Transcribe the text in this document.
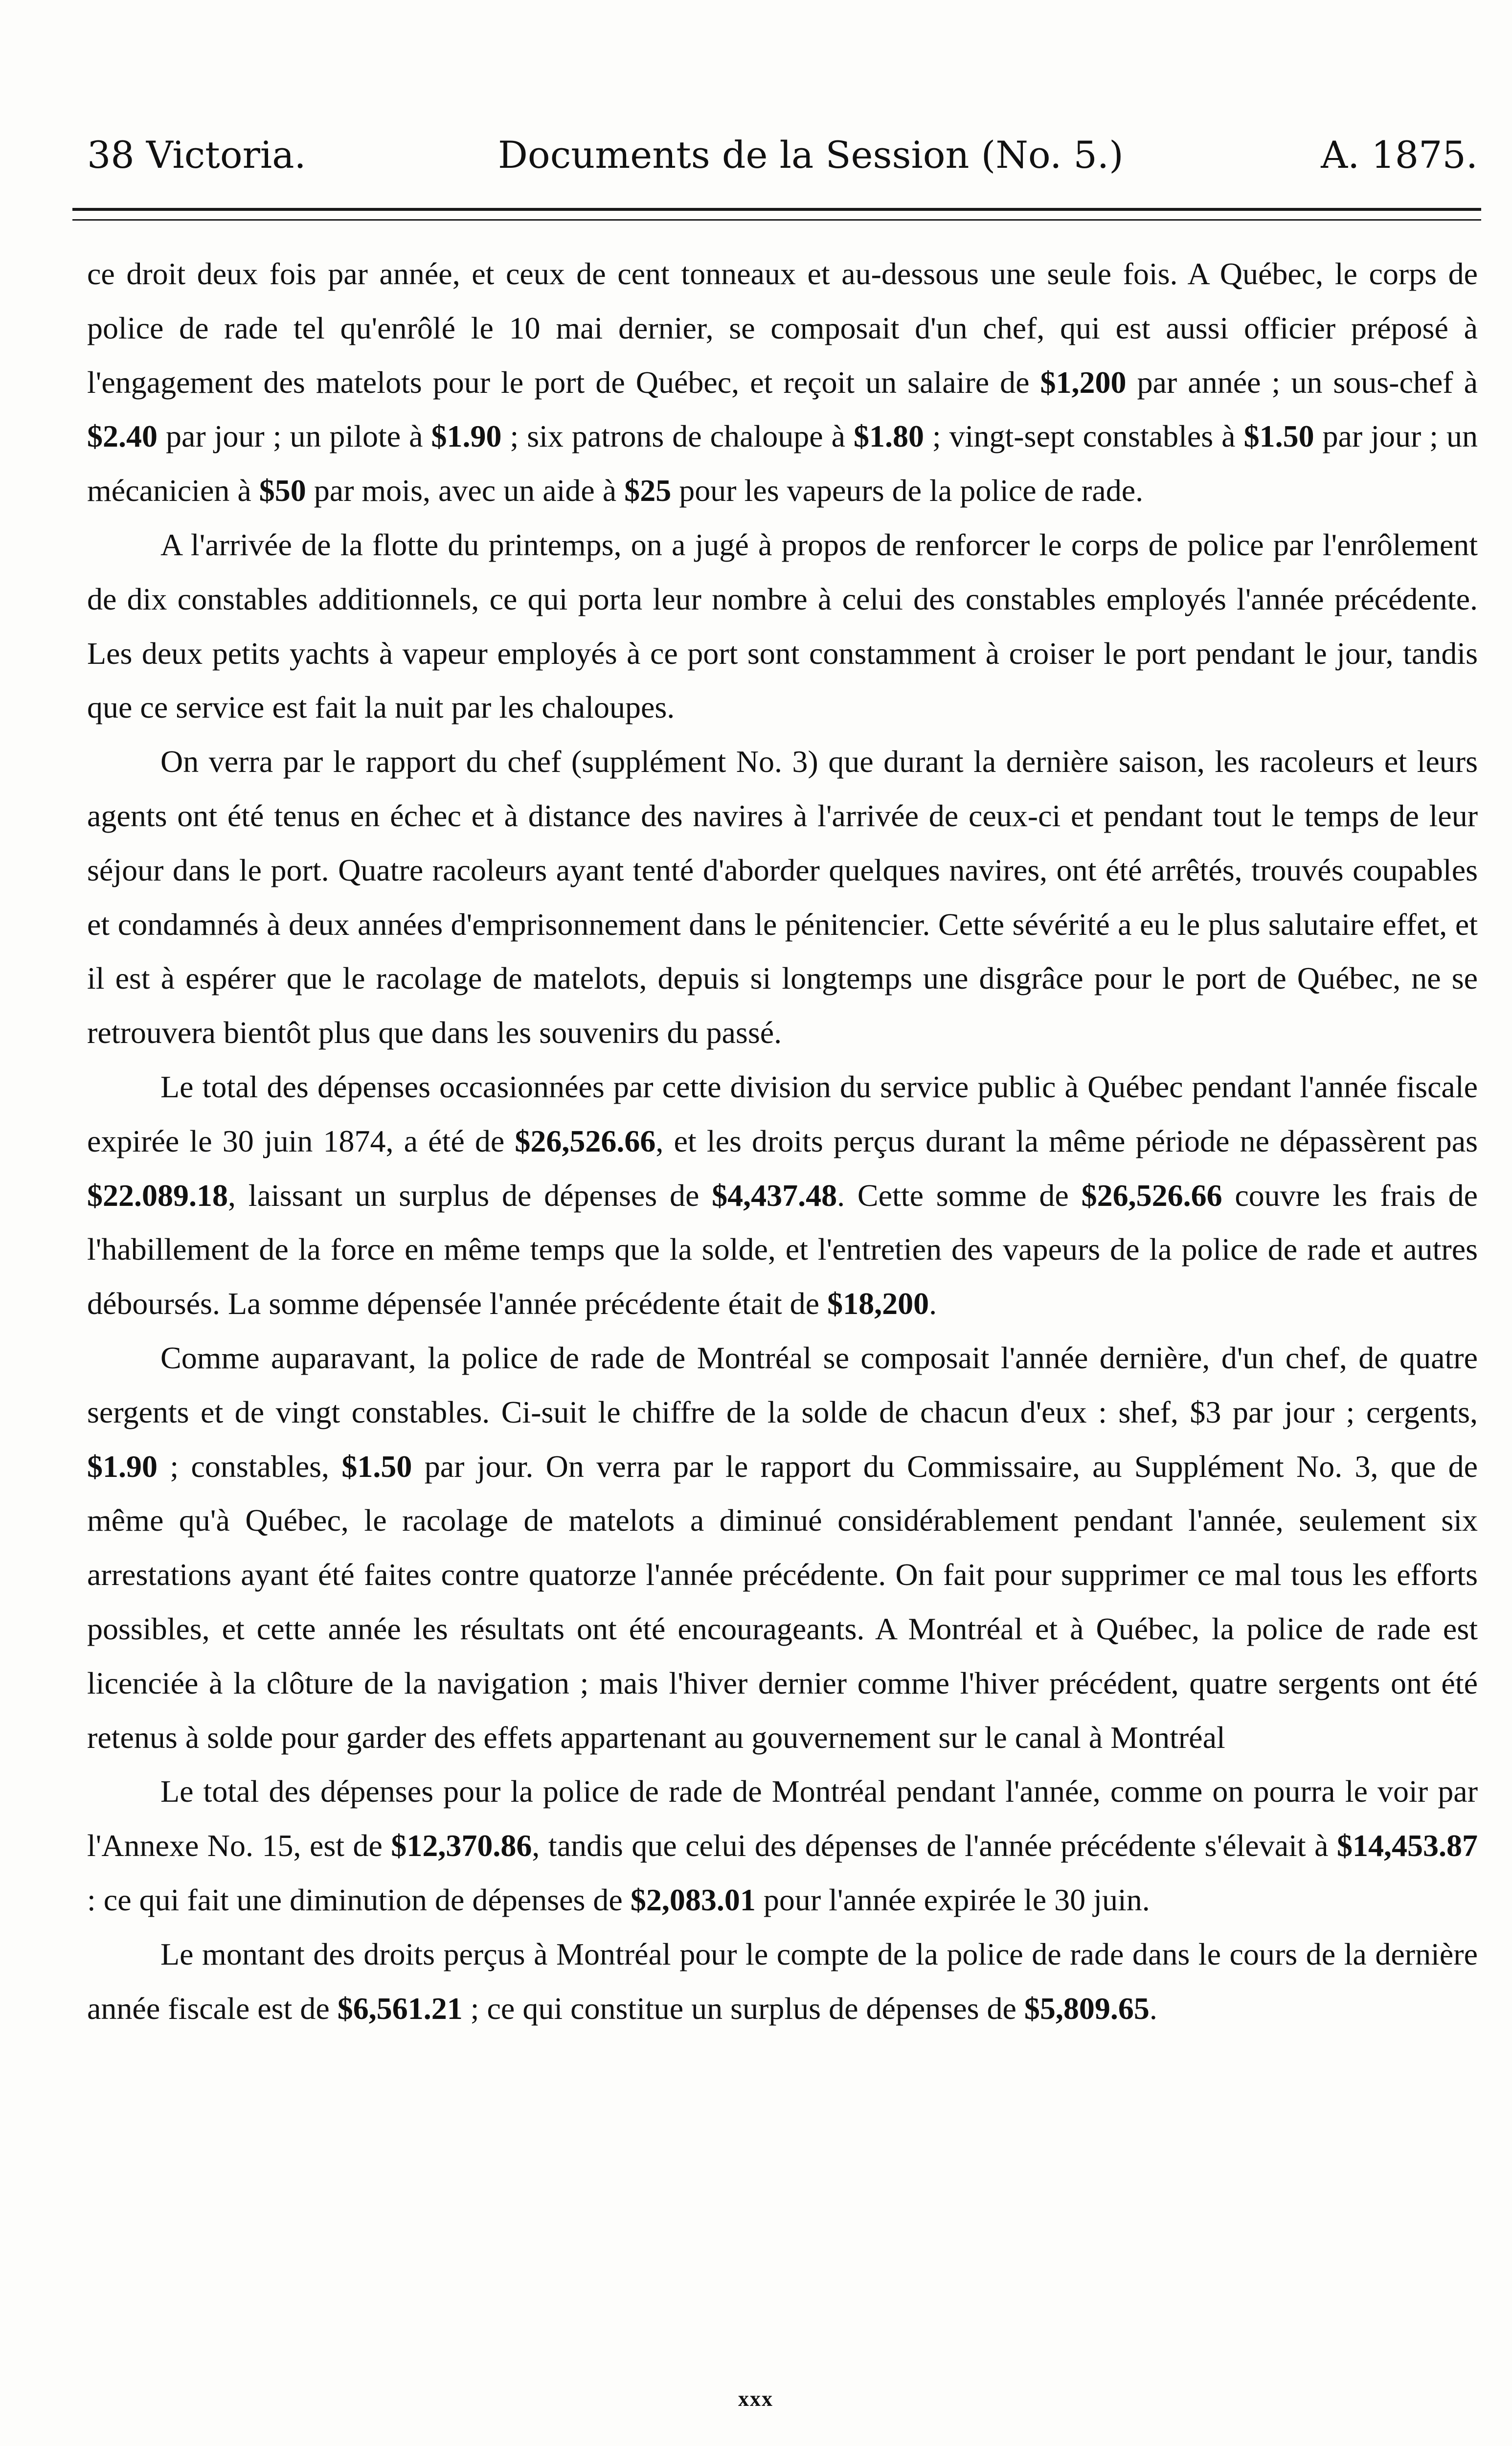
38 Victoria.	Documents de la Session (No. 5.)	A. 1875.

ce droit deux fois par année, et ceux de cent tonneaux et au-dessous une seule fois. A Québec, le corps de police de rade tel qu'enrôlé le 10 mai dernier, se composait d'un chef, qui est aussi officier préposé à l'engagement des matelots pour le port de Québec, et reçoit un salaire de $1,200 par année ; un sous-chef à $2.40 par jour ; un pilote à $1.90 ; six patrons de chaloupe à $1.80 ; vingt-sept constables à $1.50 par jour ; un mécanicien à $50 par mois, avec un aide à $25 pour les vapeurs de la police de rade.

A l'arrivée de la flotte du printemps, on a jugé à propos de renforcer le corps de police par l'enrôlement de dix constables additionnels, ce qui porta leur nombre à celui des constables employés l'année précédente. Les deux petits yachts à vapeur employés à ce port sont constamment à croiser le port pendant le jour, tandis que ce service est fait la nuit par les chaloupes.

On verra par le rapport du chef (supplément No. 3) que durant la dernière saison, les racoleurs et leurs agents ont été tenus en échec et à distance des navires à l'arrivée de ceux-ci et pendant tout le temps de leur séjour dans le port. Quatre racoleurs ayant tenté d'aborder quelques navires, ont été arrêtés, trouvés coupables et condamnés à deux années d'emprisonnement dans le pénitencier. Cette sévérité a eu le plus salutaire effet, et il est à espérer que le racolage de matelots, depuis si longtemps une disgrâce pour le port de Québec, ne se retrouvera bientôt plus que dans les souvenirs du passé.

Le total des dépenses occasionnées par cette division du service public à Québec pendant l'année fiscale expirée le 30 juin 1874, a été de $26,526.66, et les droits perçus durant la même période ne dépassèrent pas $22.089.18, laissant un surplus de dépenses de $4,437.48. Cette somme de $26,526.66 couvre les frais de l'habillement de la force en même temps que la solde, et l'entretien des vapeurs de la police de rade et autres déboursés. La somme dépensée l'année précédente était de $18,200.

Comme auparavant, la police de rade de Montréal se composait l'année dernière, d'un chef, de quatre sergents et de vingt constables. Ci-suit le chiffre de la solde de chacun d'eux : shef, $3 par jour ; cergents, $1.90 ; constables, $1.50 par jour. On verra par le rapport du Commissaire, au Supplément No. 3, que de même qu'à Québec, le racolage de matelots a diminué considérablement pendant l'année, seulement six arrestations ayant été faites contre quatorze l'année précédente. On fait pour supprimer ce mal tous les efforts possibles, et cette année les résultats ont été encourageants. A Montréal et à Québec, la police de rade est licenciée à la clôture de la navigation ; mais l'hiver dernier comme l'hiver précédent, quatre sergents ont été retenus à solde pour garder des effets appartenant au gouvernement sur le canal à Montréal

Le total des dépenses pour la police de rade de Montréal pendant l'année, comme on pourra le voir par l'Annexe No. 15, est de $12,370.86, tandis que celui des dépenses de l'année précédente s'élevait à $14,453.87 : ce qui fait une diminution de dépenses de $2,083.01 pour l'année expirée le 30 juin.

Le montant des droits perçus à Montréal pour le compte de la police de rade dans le cours de la dernière année fiscale est de $6,561.21 ; ce qui constitue un surplus de dépenses de $5,809.65.

xxx
